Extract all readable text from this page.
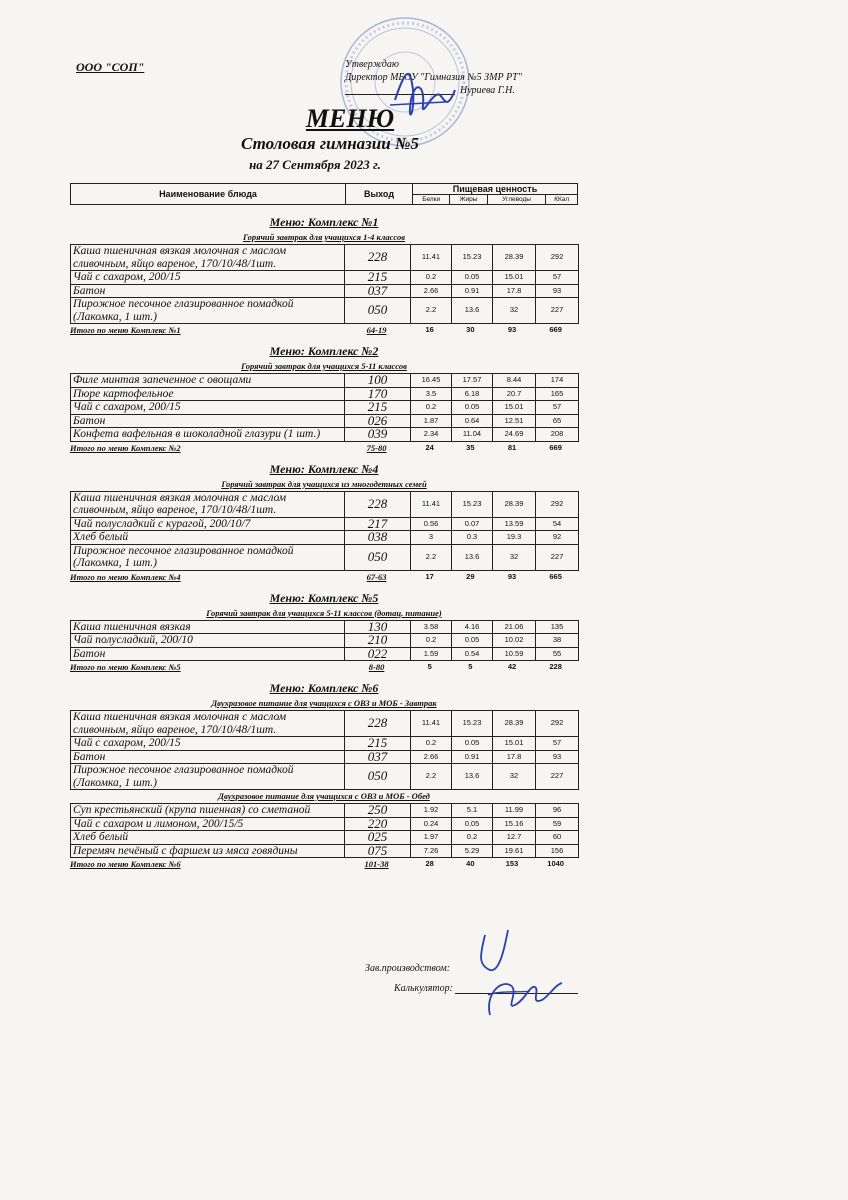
ООО "СОП"	Утверждаю
Директор МБОУ "Гимназия №5 ЗМР РТ"
Нуриева Г.Н.
МЕНЮ
Столовая гимназии №5
на 27 Сентября 2023 г.
Наименование блюда	Выход	Пищевая ценность			
		Белки	Жиры	Углеводы	ККал
Меню: Комплекс №1
Горячий завтрак для учащихся 1-4 классов
Каша пшеничная вязкая молочная с маслом сливочным, яйцо вареное, 170/10/48/1шт.	228	11.41	15.23	28.39	292
Чай с сахаром, 200/15	215	0.2	0.05	15.01	57
Батон	037	2.66	0.91	17.8	93
Пирожное песочное глазированное помадкой (Лакомка, 1 шт.)	050	2.2	13.6	32	227
Итого по меню Комплекс №1	64-19	16	30	93	669
Меню: Комплекс №2
Горячий завтрак для учащихся 5-11 классов
Филе минтая запеченное с овощами	100	16.45	17.57	8.44	174
Пюре картофельное	170	3.5	6.18	20.7	165
Чай с сахаром, 200/15	215	0.2	0.05	15.01	57
Батон	026	1.87	0.64	12.51	65
Конфета вафельная в шоколадной глазури (1 шт.)	039	2.34	11.04	24.69	208
Итого по меню Комплекс №2	75-80	24	35	81	669
Меню: Комплекс №4
Горячий завтрак для учащихся из многодетных семей
Каша пшеничная вязкая молочная с маслом сливочным, яйцо вареное, 170/10/48/1шт.	228	11.41	15.23	28.39	292
Чай полусладкий с курагой, 200/10/7	217	0.56	0.07	13.59	54
Хлеб белый	038	3	0.3	19.3	92
Пирожное песочное глазированное помадкой (Лакомка, 1 шт.)	050	2.2	13.6	32	227
Итого по меню Комплекс №4	67-63	17	29	93	665
Меню: Комплекс №5
Горячий завтрак для учащихся 5-11 классов (дотац. питание)
Каша пшеничная вязкая	130	3.58	4.16	21.06	135
Чай полусладкий, 200/10	210	0.2	0.05	10.02	38
Батон	022	1.59	0.54	10.59	55
Итого по меню Комплекс №5	8-80	5	5	42	228
Меню: Комплекс №6
Двухразовое питание для учащихся с ОВЗ и МОБ - Завтрак
Каша пшеничная вязкая молочная с маслом сливочным, яйцо вареное, 170/10/48/1шт.	228	11.41	15.23	28.39	292
Чай с сахаром, 200/15	215	0.2	0.05	15.01	57
Батон	037	2.66	0.91	17.8	93
Пирожное песочное глазированное помадкой (Лакомка, 1 шт.)	050	2.2	13.6	32	227
Двухразовое питание для учащихся с ОВЗ и МОБ - Обед
Суп крестьянский (крупа пшенная) со сметаной	250	1.92	5.1	11.99	96
Чай с сахаром и лимоном, 200/15/5	220	0.24	0.05	15.16	59
Хлеб белый	025	1.97	0.2	12.7	60
Перемяч печёный с фаршем из мяса говядины	075	7.26	5.29	19.61	156
Итого по меню Комплекс №6	101-38	28	40	153	1040
Зав.производством:
Калькулятор:
